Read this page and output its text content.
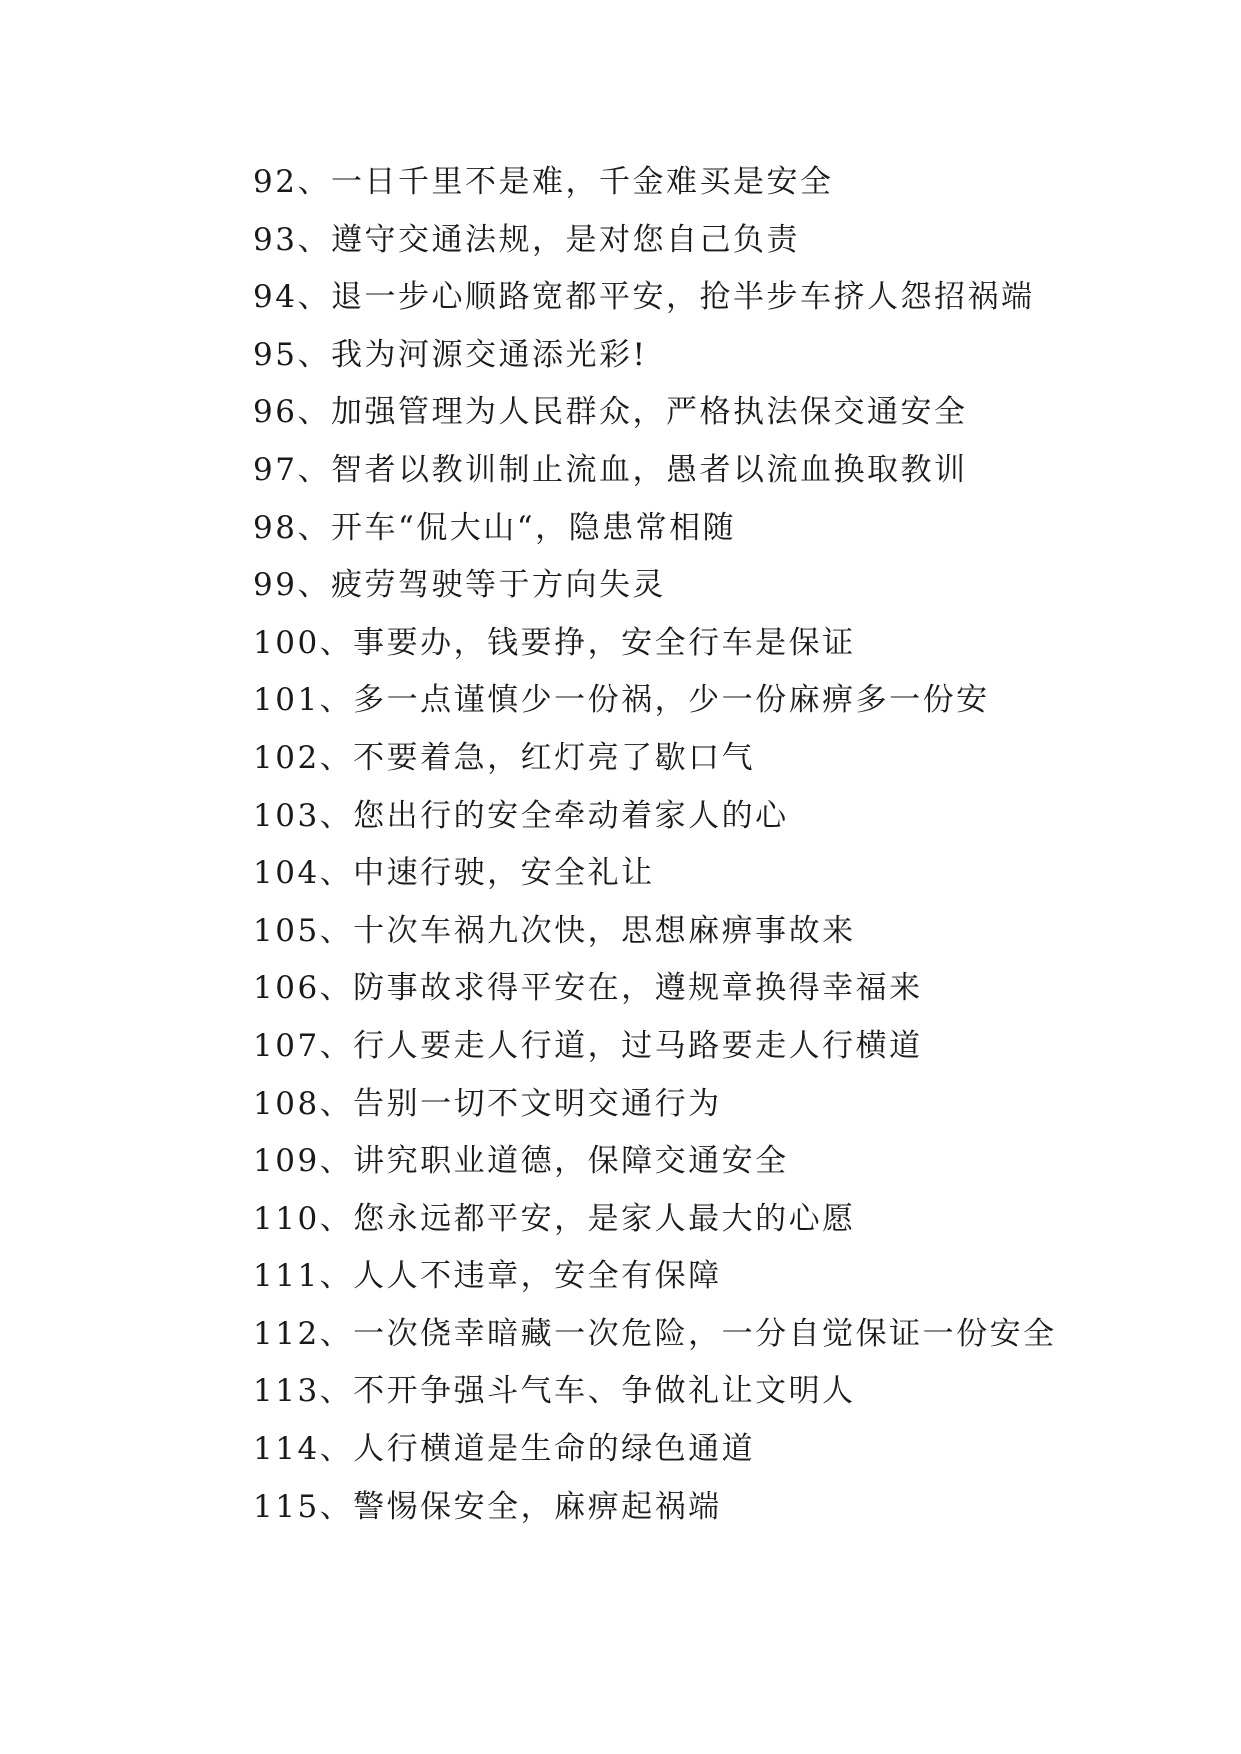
92、一日千里不是难，千金难买是安全
93、遵守交通法规，是对您自己负责
94、退一步心顺路宽都平安，抢半步车挤人怨招祸端
95、我为河源交通添光彩!
96、加强管理为人民群众，严格执法保交通安全
97、智者以教训制止流血，愚者以流血换取教训
98、开车“侃大山“，隐患常相随
99、疲劳驾驶等于方向失灵
100、事要办，钱要挣，安全行车是保证
101、多一点谨慎少一份祸，少一份麻痹多一份安
102、不要着急，红灯亮了歇口气
103、您出行的安全牵动着家人的心
104、中速行驶，安全礼让
105、十次车祸九次快，思想麻痹事故来
106、防事故求得平安在，遵规章换得幸福来
107、行人要走人行道，过马路要走人行横道
108、告别一切不文明交通行为
109、讲究职业道德，保障交通安全
110、您永远都平安，是家人最大的心愿
111、人人不违章，安全有保障
112、一次侥幸暗藏一次危险，一分自觉保证一份安全
113、不开争强斗气车、争做礼让文明人
114、人行横道是生命的绿色通道
115、警惕保安全，麻痹起祸端
